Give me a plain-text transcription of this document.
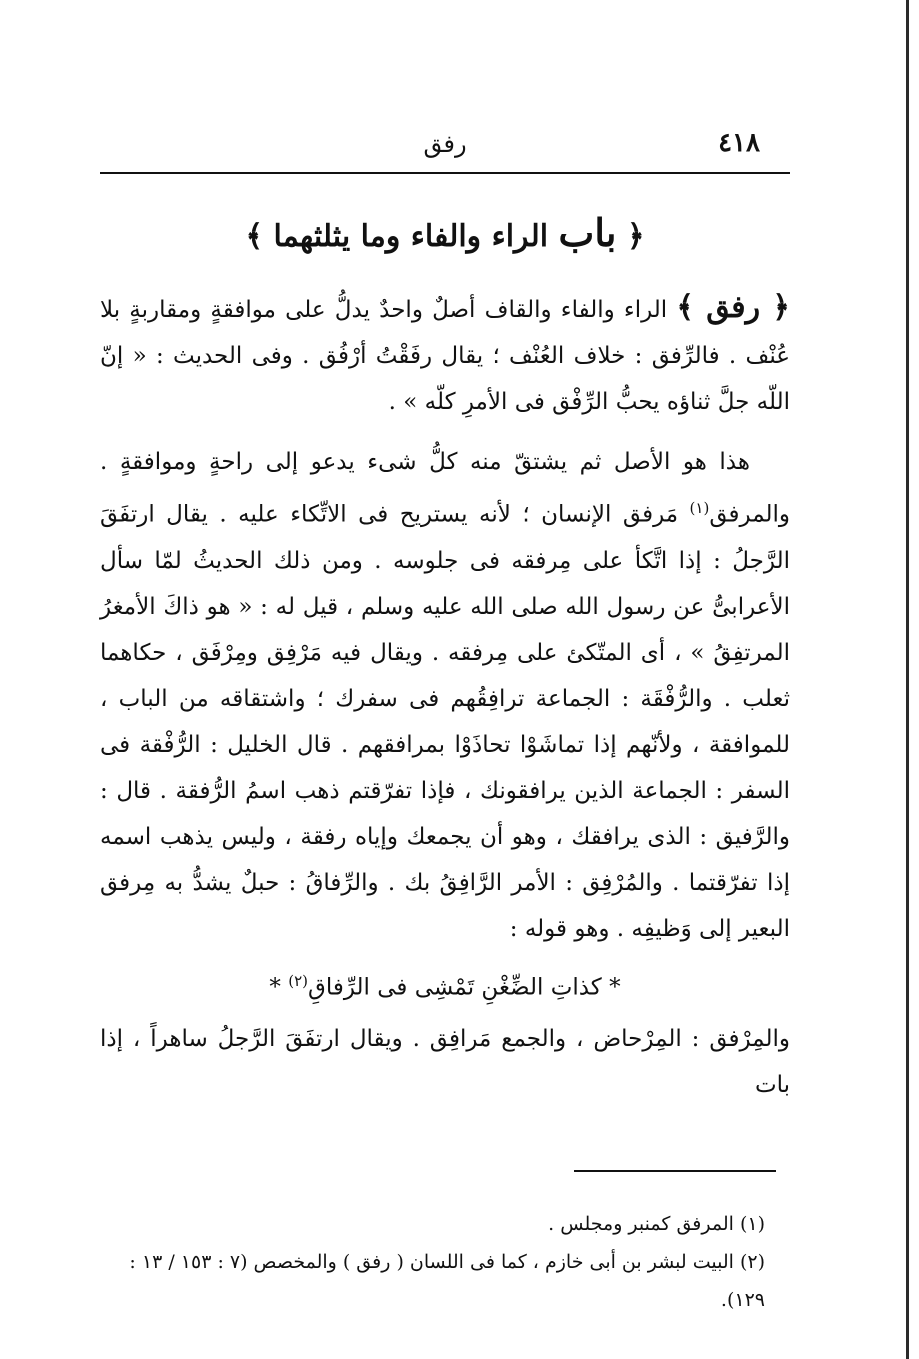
٤١٨
رفق
﴿ باب الراء والفاء وما يثلثهما ﴾

﴿ رفق ﴾ الراء والفاء والقاف أصلٌ واحدٌ يدلُّ على موافقةٍ ومقاربةٍ بلا عُنْف . فالرِّفق : خلاف العُنْف ؛ يقال رفَقْتُ أرْفُق . وفى الحديث : « إنّ اللّه جلَّ ثناؤه يحبُّ الرِّفْق فى الأمرِ كلّه » .

هذا هو الأصل ثم يشتقّ منه كلُّ شىء يدعو إلى راحةٍ وموافقةٍ . والمرفق$^{(١)}$ مَرفق الإنسان ؛ لأنه يستريح فى الاتِّكاء عليه . يقال ارتفَقَ الرَّجلُ : إذا اتَّكأ على مِرفقه فى جلوسه . ومن ذلك الحديثُ لمّا سأل الأعرابىُّ عن رسول الله صلى الله عليه وسلم ، قيل له : « هو ذاكَ الأمغرُ المرتفِقُ » ، أى المتّكئ على مِرفقه . ويقال فيه مَرْفِق ومِرْفَق ، حكاهما ثعلب . والرُّفْقَة : الجماعة ترافِقُهم فى سفرك ؛ واشتقاقه من الباب ، للموافقة ، ولأنّهم إذا تماشَوْا تحاذَوْا بمرافقهم . قال الخليل : الرُّفْقة فى السفر : الجماعة الذين يرافقونك ، فإذا تفرّقتم ذهب اسمُ الرُّفقة . قال : والرَّفيق : الذى يرافقك ، وهو أن يجمعك وإياه رفقة ، وليس يذهب اسمه إذا تفرّقتما . والمُرْفِق : الأمر الرَّافِقُ بك . والرِّفاقُ : حبلٌ يشدُّ به مِرفق البعير إلى وَظيفِه . وهو قوله :

* كذاتِ الضِّغْنِ تَمْشِى فى الرِّفاقِ$^{(٢)}$ *

والمِرْفق : المِرْحاض ، والجمع مَرافِق . ويقال ارتفَقَ الرَّجلُ ساهراً ، إذا بات

(١) المرفق كمنبر ومجلس .

(٢) البيت لبشر بن أبى خازم ، كما فى اللسان ( رفق ) والمخصص (٧ : ١٥٣ / ١٣ : ١٢٩).
